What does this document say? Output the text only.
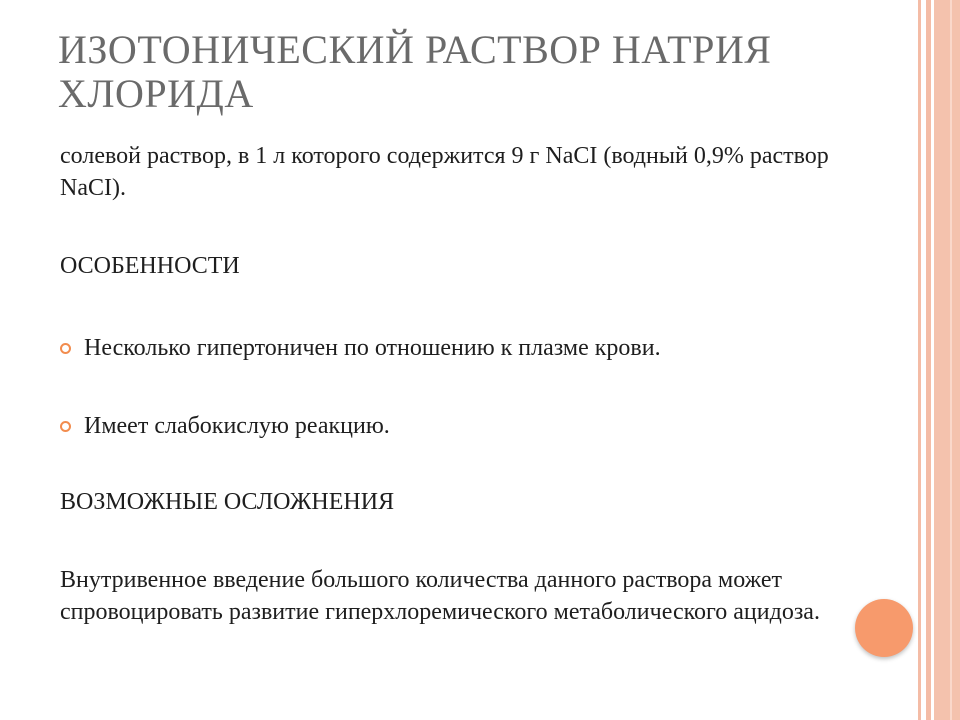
ИЗОТОНИЧЕСКИЙ РАСТВОР НАТРИЯ ХЛОРИДА

солевой раствор, в 1 л которого содержится 9 г NaCI (водный 0,9% раствор NaCI).

ОСОБЕННОСТИ

Несколько гипертоничен по отношению к плазме крови.
Имеет слабокислую реакцию.

ВОЗМОЖНЫЕ ОСЛОЖНЕНИЯ

Внутривенное введение большого количества данного раствора может спровоцировать развитие гиперхлоремического метаболического ацидоза.
